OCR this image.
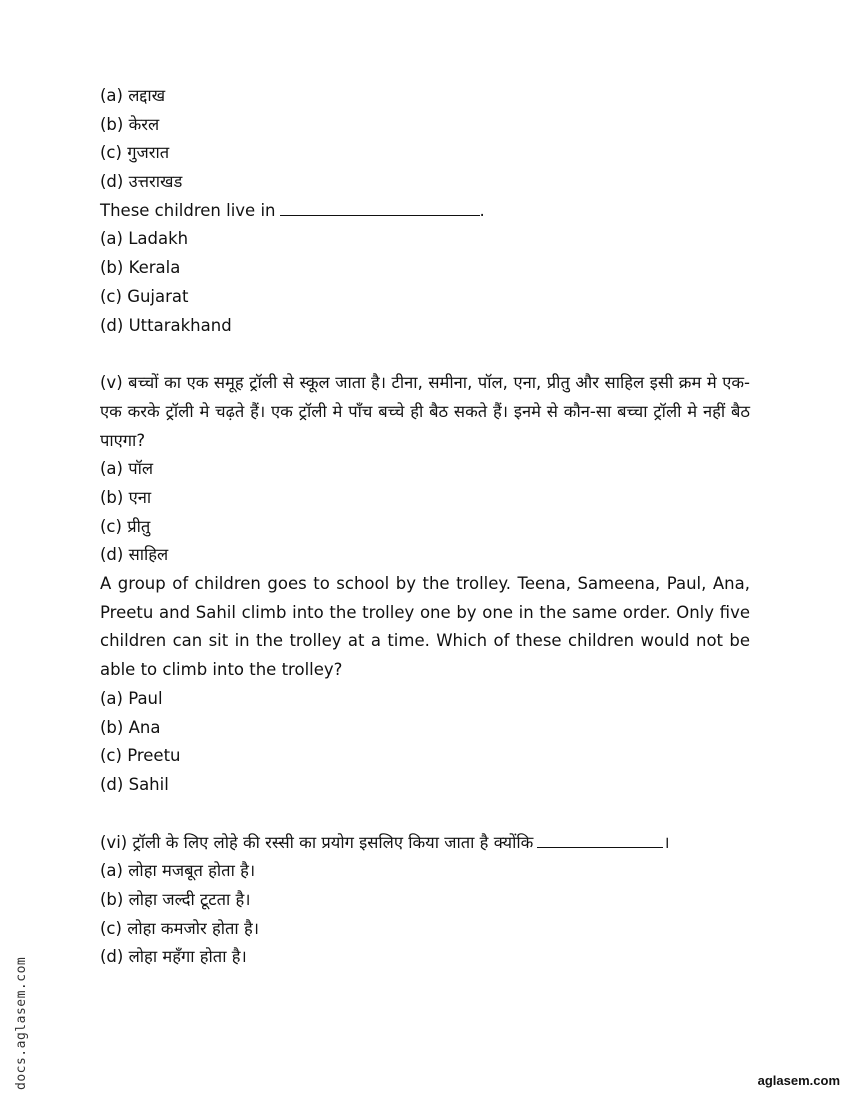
(a) लद्दाख
(b) केरल
(c) गुजरात
(d) उत्तराखड
These children live in	.
(a) Ladakh
(b) Kerala
(c) Gujarat
(d) Uttarakhand
(v) बच्चों का एक समूह ट्रॉली से स्कूल जाता है। टीना, समीना, पॉल, एना, प्रीतु और साहिल इसी क्रम मे एक-एक करके ट्रॉली मे चढ़ते हैं। एक ट्रॉली मे पाँच बच्चे ही बैठ सकते हैं। इनमे से कौन-सा बच्चा ट्रॉली मे नहीं बैठ पाएगा?
(a) पॉल
(b) एना
(c) प्रीतु
(d) साहिल
A group of children goes to school by the trolley. Teena, Sameena, Paul, Ana, Preetu and Sahil climb into the trolley one by one in the same order. Only five children can sit in the trolley at a time. Which of these children would not be able to climb into the trolley?
(a) Paul
(b) Ana
(c) Preetu
(d) Sahil
(vi) ट्रॉली के लिए लोहे की रस्सी का प्रयोग इसलिए किया जाता है क्योंकि	।
(a) लोहा मजबूत होता है।
(b) लोहा जल्दी टूटता है।
(c) लोहा कमजोर होता है।
(d) लोहा महँगा होता है।
docs.aglasem.com	aglasem.com
